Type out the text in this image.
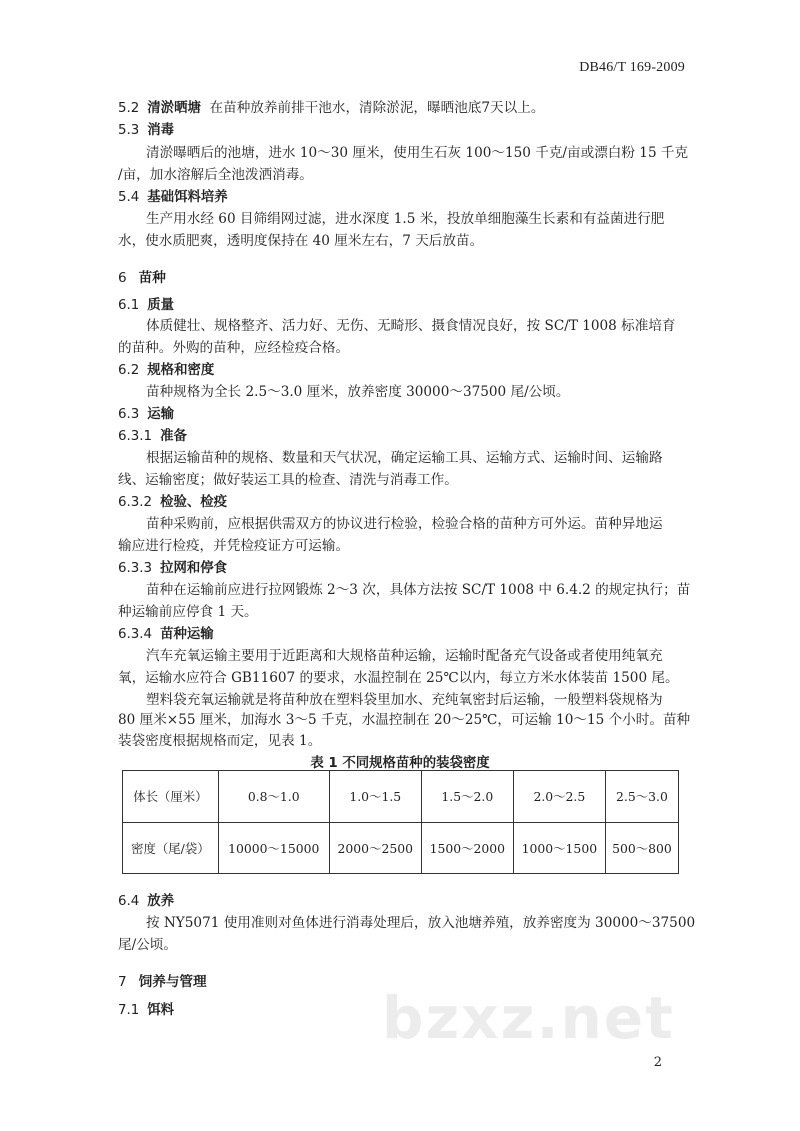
DB46/T 169-2009
5.2 清淤晒塘 在苗种放养前排干池水，清除淤泥，曝晒池底7天以上。
5.3 消毒
清淤曝晒后的池塘，进水 10～30 厘米，使用生石灰 100～150 千克/亩或漂白粉 15 千克
/亩，加水溶解后全池泼洒消毒。
5.4 基础饵料培养
生产用水经 60 目筛绢网过滤，进水深度 1.5 米，投放单细胞藻生长素和有益菌进行肥
水，使水质肥爽，透明度保持在 40 厘米左右，7 天后放苗。
6 苗种
6.1 质量
体质健壮、规格整齐、活力好、无伤、无畸形、摄食情况良好，按 SC/T 1008 标准培育
的苗种。外购的苗种，应经检疫合格。
6.2 规格和密度
苗种规格为全长 2.5～3.0 厘米，放养密度 30000～37500 尾/公顷。
6.3 运输
6.3.1 准备
根据运输苗种的规格、数量和天气状况，确定运输工具、运输方式、运输时间、运输路
线、运输密度；做好装运工具的检查、清洗与消毒工作。
6.3.2 检验、检疫
苗种采购前，应根据供需双方的协议进行检验，检验合格的苗种方可外运。苗种异地运
输应进行检疫，并凭检疫证方可运输。
6.3.3 拉网和停食
苗种在运输前应进行拉网锻炼 2～3 次，具体方法按 SC/T 1008 中 6.4.2 的规定执行；苗
种运输前应停食 1 天。
6.3.4 苗种运输
汽车充氧运输主要用于近距离和大规格苗种运输，运输时配备充气设备或者使用纯氧充
氧，运输水应符合 GB11607 的要求，水温控制在 25℃以内，每立方米水体装苗 1500 尾。
塑料袋充氧运输就是将苗种放在塑料袋里加水、充纯氧密封后运输，一般塑料袋规格为
80 厘米×55 厘米，加海水 3～5 千克，水温控制在 20～25℃，可运输 10～15 个小时。苗种
表 1 不同规格苗种的装袋密度
体长（厘米）	0.8～1.0	1.0～1.5	1.5～2.0	2.0～2.5	2.5～3.0
密度（尾/袋）	10000～15000	2000～2500	1500～2000	1000～1500	500～800
6.4 放养
按 NY5071 使用准则对鱼体进行消毒处理后，放入池塘养殖，放养密度为 30000～37500
尾/公顷。
7 饲养与管理
7.1 饵料	bzxz.net
2
装袋密度根据规格而定，见表 1。
